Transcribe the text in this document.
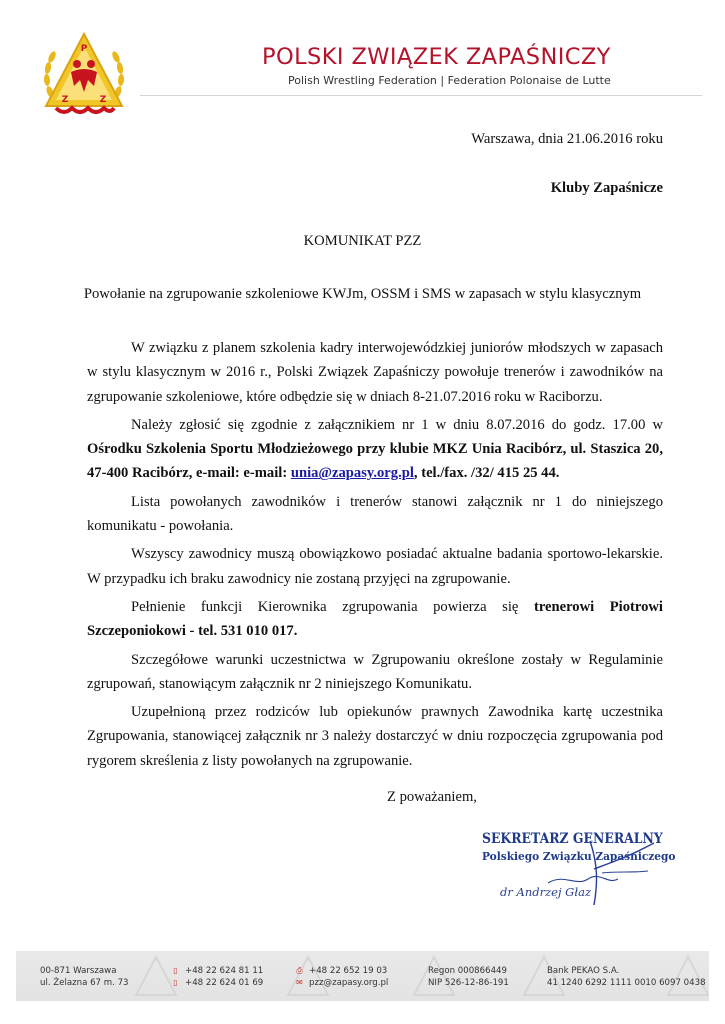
P
Z	Z
POLSKI ZWIĄZEK ZAPAŚNICZY
Polish Wrestling Federation | Federation Polonaise de Lutte
Warszawa, dnia 21.06.2016 roku
Kluby Zapaśnicze
KOMUNIKAT PZZ
Powołanie na zgrupowanie szkoleniowe KWJm, OSSM i SMS w zapasach w stylu klasycznym

W związku z planem szkolenia kadry interwojewódzkiej juniorów młodszych w zapasach w stylu klasycznym w 2016 r., Polski Związek Zapaśniczy powołuje trenerów i zawodników na zgrupowanie szkoleniowe, które odbędzie się w dniach 8-21.07.2016 roku w Raciborzu.

Należy zgłosić się zgodnie z załącznikiem nr 1 w dniu 8.07.2016 do godz. 17.00 w Ośrodku Szkolenia Sportu Młodzieżowego przy klubie MKZ Unia Racibórz, ul. Staszica 20, 47-400 Racibórz, e-mail: e-mail: unia@zapasy.org.pl, tel./fax. /32/ 415 25 44.

Lista powołanych zawodników i trenerów stanowi załącznik nr 1 do niniejszego komunikatu - powołania.

Wszyscy zawodnicy muszą obowiązkowo posiadać aktualne badania sportowo-lekarskie. W przypadku ich braku zawodnicy nie zostaną przyjęci na zgrupowanie.

Pełnienie funkcji Kierownika zgrupowania powierza się trenerowi Piotrowi Szczeponiokowi - tel. 531 010 017.

Szczegółowe warunki uczestnictwa w Zgrupowaniu określone zostały w Regulaminie zgrupowań, stanowiącym załącznik nr 2 niniejszego Komunikatu.

Uzupełnioną przez rodziców lub opiekunów prawnych Zawodnika kartę uczestnika Zgrupowania, stanowiącej załącznik nr 3 należy dostarczyć w dniu rozpoczęcia zgrupowania pod rygorem skreślenia z listy powołanych na zgrupowanie.

Z poważaniem,
SEKRETARZ GENERALNY
Polskiego Związku Zapaśniczego
dr Andrzej Głaz
00-871 Warszawa
ul. Żelazna 67 m. 73
▯ +48 22 624 81 11
▯ +48 22 624 01 69
⎙ +48 22 652 19 03
✉ pzz@zapasy.org.pl
Regon 000866449
NIP 526-12-86-191
Bank PEKAO S.A.
41 1240 6292 1111 0010 6097 0438
